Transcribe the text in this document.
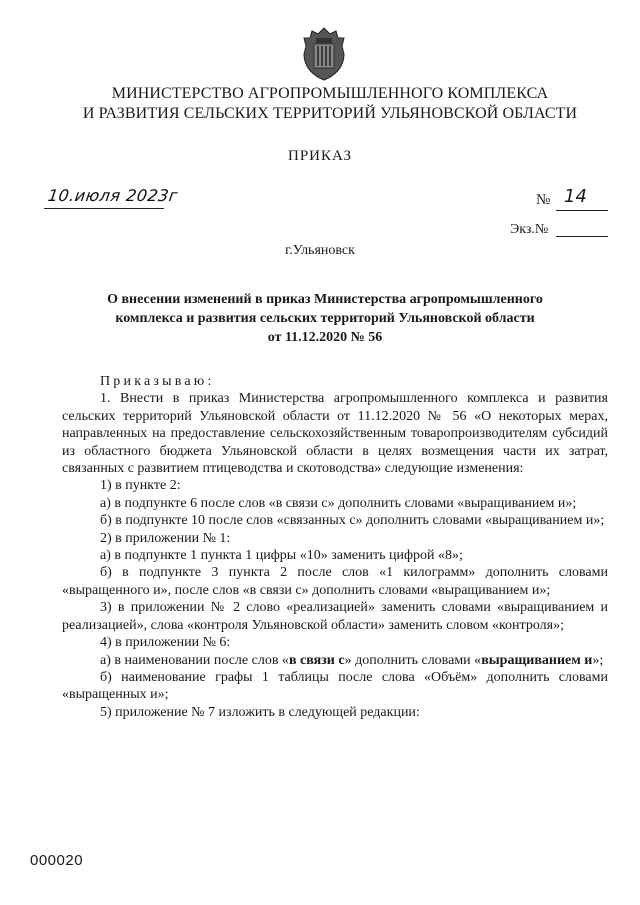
МИНИСТЕРСТВО АГРОПРОМЫШЛЕННОГО КОМПЛЕКСА
И РАЗВИТИЯ СЕЛЬСКИХ ТЕРРИТОРИЙ УЛЬЯНОВСКОЙ ОБЛАСТИ
ПРИКАЗ
10.июля 2023г	№ 14
Экз.№
г.Ульяновск
О внесении изменений в приказ Министерства агропромышленного
комплекса и развития сельских территорий Ульяновской области
от 11.12.2020 № 56

Приказываю:

1. Внести в приказ Министерства агропромышленного комплекса и развития сельских территорий Ульяновской области от 11.12.2020 № 56 «О некоторых мерах, направленных на предоставление сельскохозяйственным товаропроизводителям субсидий из областного бюджета Ульяновской области в целях возмещения части их затрат, связанных с развитием птицеводства и скотоводства» следующие изменения:

1) в пункте 2:

а) в подпункте 6 после слов «в связи с» дополнить словами «выращиванием и»;

б) в подпункте 10 после слов «связанных с» дополнить словами «выращиванием и»;

2) в приложении № 1:

а) в подпункте 1 пункта 1 цифры «10» заменить цифрой «8»;

б) в подпункте 3 пункта 2 после слов «1 килограмм» дополнить словами «выращенного и», после слов «в связи с» дополнить словами «выращиванием и»;

3) в приложении № 2 слово «реализацией» заменить словами «выращиванием и реализацией», слова «контроля Ульяновской области» заменить словом «контроля»;

4) в приложении № 6:

а) в наименовании после слов «в связи с» дополнить словами «выращиванием и»;

б) наименование графы 1 таблицы после слова «Объём» дополнить словами «выращенных и»;

5) приложение № 7 изложить в следующей редакции:

000020
